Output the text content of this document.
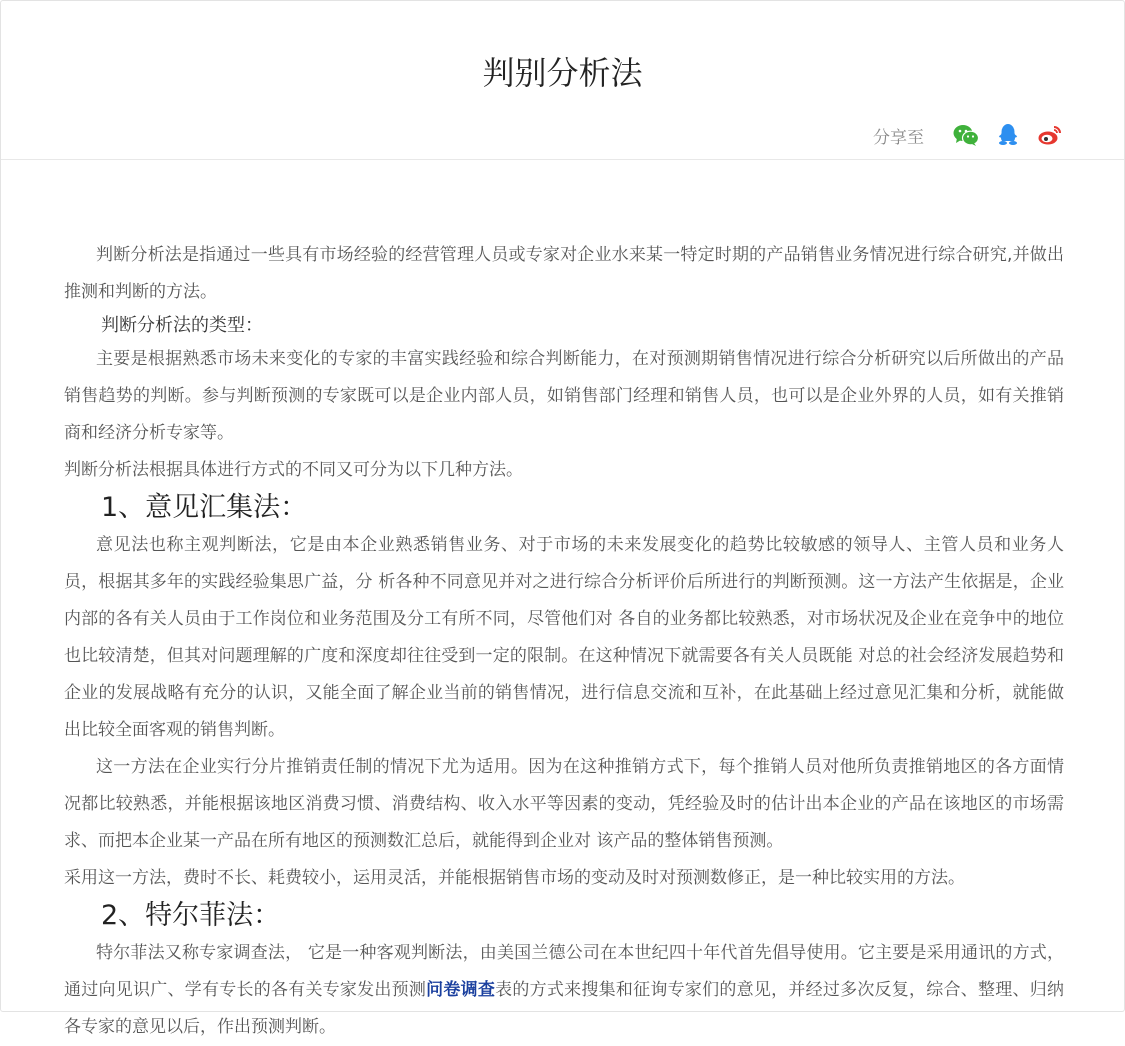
判别分析法
分享至

判断分析法是指通过一些具有市场经验的经营管理人员或专家对企业水来某一特定时期的产品销售业务情况进行综合研究,并做出推测和判断的方法。

判断分析法的类型：

主要是根据熟悉市场未来变化的专家的丰富实践经验和综合判断能力，在对预测期销售情况进行综合分析研究以后所做出的产品销售趋势的判断。参与判断预测的专家既可以是企业内部人员，如销售部门经理和销售人员，也可以是企业外界的人员，如有关推销商和经济分析专家等。

判断分析法根据具体进行方式的不同又可分为以下几种方法。

1、意见汇集法：

意见法也称主观判断法，它是由本企业熟悉销售业务、对于市场的未来发展变化的趋势比较敏感的领导人、主管人员和业务人员，根据其多年的实践经验集思广益，分 析各种不同意见并对之进行综合分析评价后所进行的判断预测。这一方法产生依据是，企业内部的各有关人员由于工作岗位和业务范围及分工有所不同，尽管他们对 各自的业务都比较熟悉，对市场状况及企业在竞争中的地位也比较清楚，但其对问题理解的广度和深度却往往受到一定的限制。在这种情况下就需要各有关人员既能 对总的社会经济发展趋势和企业的发展战略有充分的认识，又能全面了解企业当前的销售情况，进行信息交流和互补，在此基础上经过意见汇集和分析，就能做出比较全面客观的销售判断。

这一方法在企业实行分片推销责任制的情况下尤为适用。因为在这种推销方式下，每个推销人员对他所负责推销地区的各方面情况都比较熟悉，并能根据该地区消费习惯、消费结构、收入水平等因素的变动，凭经验及时的估计出本企业的产品在该地区的市场需求、而把本企业某一产品在所有地区的预测数汇总后，就能得到企业对 该产品的整体销售预测。

采用这一方法，费时不长、耗费较小，运用灵活，并能根据销售市场的变动及时对预测数修正，是一种比较实用的方法。

2、特尔菲法：

特尔菲法又称专家调查法， 它是一种客观判断法，由美国兰德公司在本世纪四十年代首先倡导使用。它主要是采用通讯的方式，通过向见识广、学有专长的各有关专家发出预测问卷调查表的方式来搜集和征询专家们的意见，并经过多次反复，综合、整理、归纳各专家的意见以后，作出预测判断。
